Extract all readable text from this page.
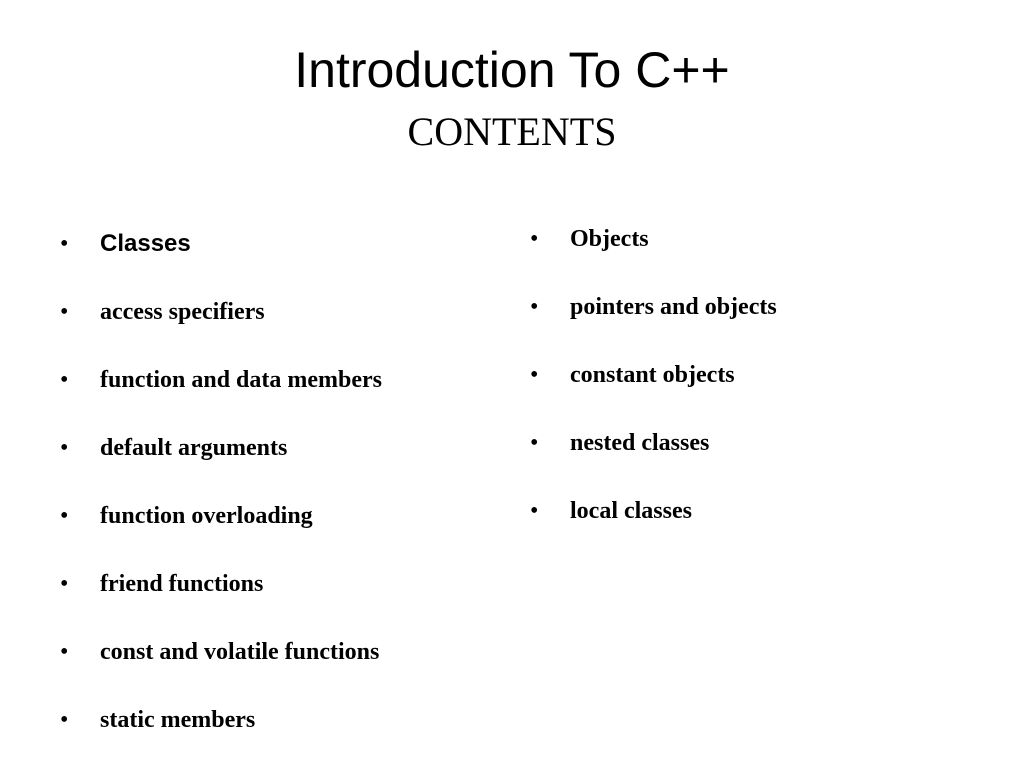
Introduction To C++
CONTENTS
• Classes
• access specifiers
• function and data members
• default arguments
• function overloading
• friend functions
• const and volatile functions
• static members
• Objects
• pointers and objects
• constant objects
• nested classes
• local classes
